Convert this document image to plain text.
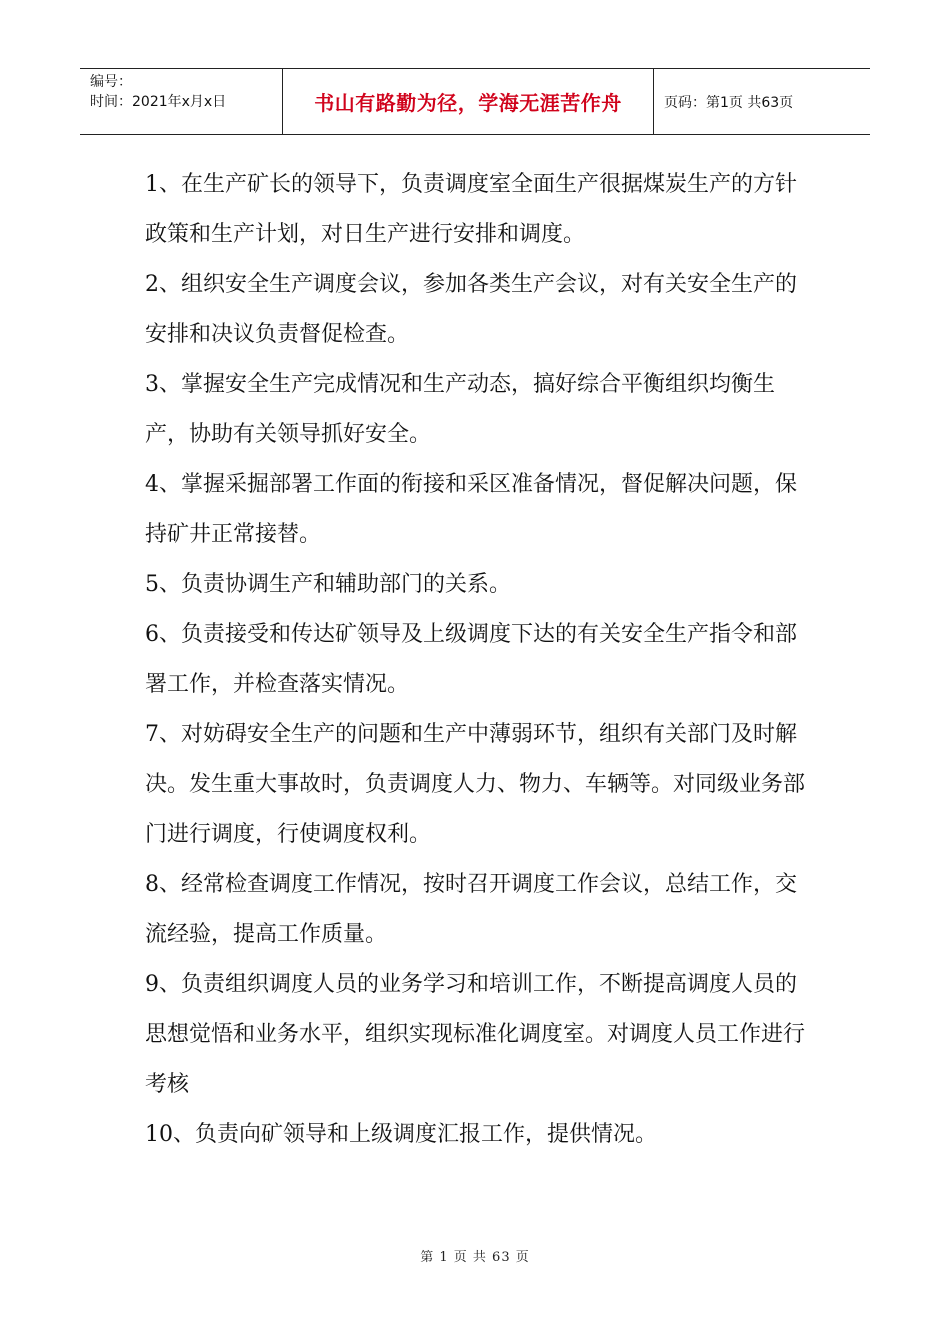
编号：
时间：2021年x月x日	书山有路勤为径，学海无涯苦作舟	页码：第1页 共63页

1、在生产矿长的领导下，负责调度室全面生产很据煤炭生产的方针政策和生产计划，对日生产进行安排和调度。

2、组织安全生产调度会议，参加各类生产会议，对有关安全生产的安排和决议负责督促检查。

3、掌握安全生产完成情况和生产动态，搞好综合平衡组织均衡生产，协助有关领导抓好安全。

4、掌握采掘部署工作面的衔接和采区准备情况，督促解决问题，保持矿井正常接替。

5、负责协调生产和辅助部门的关系。

6、负责接受和传达矿领导及上级调度下达的有关安全生产指令和部署工作，并检查落实情况。

7、对妨碍安全生产的问题和生产中薄弱环节，组织有关部门及时解决。发生重大事故时，负责调度人力、物力、车辆等。对同级业务部门进行调度，行使调度权利。

8、经常检查调度工作情况，按时召开调度工作会议，总结工作，交流经验，提高工作质量。

9、负责组织调度人员的业务学习和培训工作，不断提高调度人员的思想觉悟和业务水平，组织实现标准化调度室。对调度人员工作进行考核

10、负责向矿领导和上级调度汇报工作，提供情况。

第 1 页 共 63 页
